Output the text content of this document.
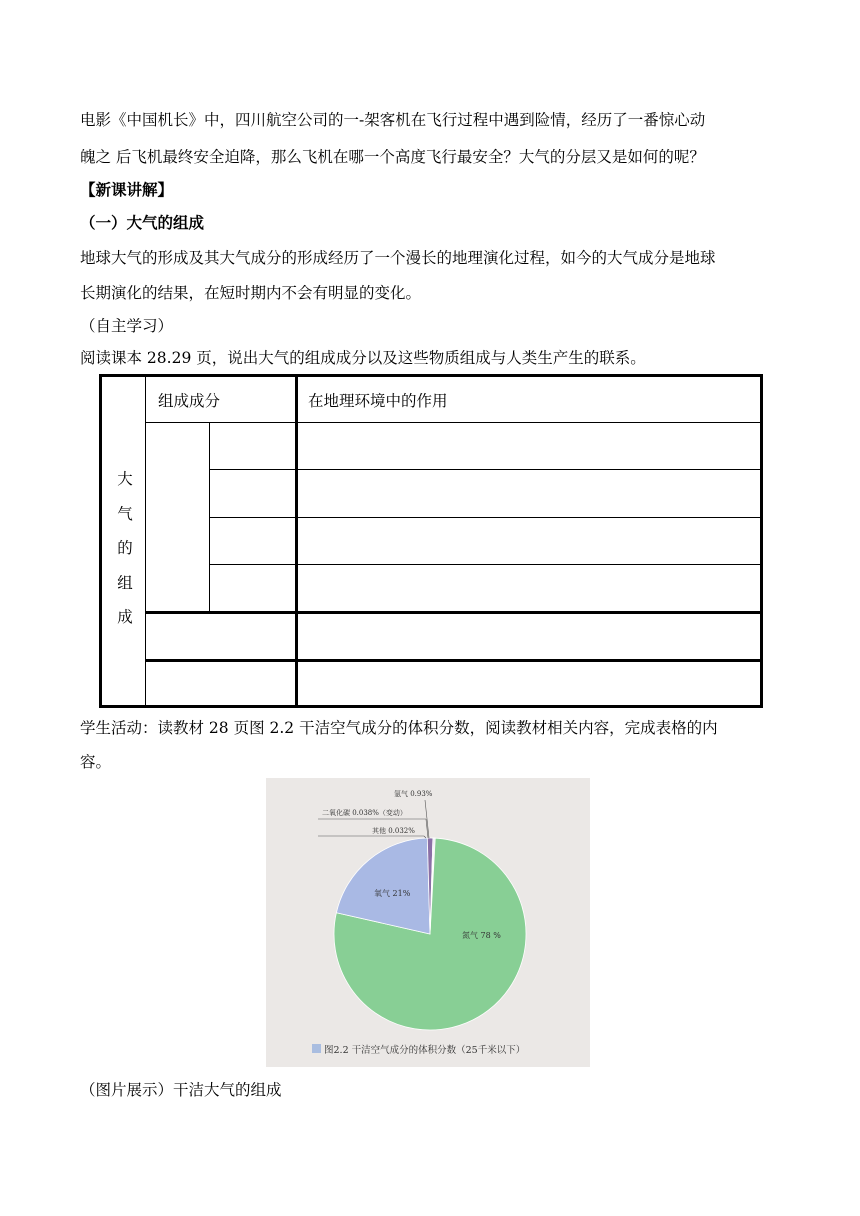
电影《中国机长》中，四川航空公司的一-架客机在飞行过程中遇到险情，经历了一番惊心动
魄之 后飞机最终安全迫降，那么飞机在哪一个高度飞行最安全？大气的分层又是如何的呢？
【新课讲解】
（一）大气的组成
地球大气的形成及其大气成分的形成经历了一个漫长的地理演化过程，如今的大气成分是地球
长期演化的结果，在短时期内不会有明显的变化。
（自主学习）
阅读课本 28.29 页，说出大气的组成成分以及这些物质组成与人类生产生的联系。
大
气
的
组
成
组成成分	在地理环境中的作用
学生活动：读教材 28 页图 2.2 干洁空气成分的体积分数，阅读教材相关内容，完成表格的内
容。
氮气 78 %
氧气 21%
氩气 0.93%
二氧化碳 0.038%（变动）
其他 0.032%
图2.2 干洁空气成分的体积分数（25千米以下）
（图片展示）干洁大气的组成
